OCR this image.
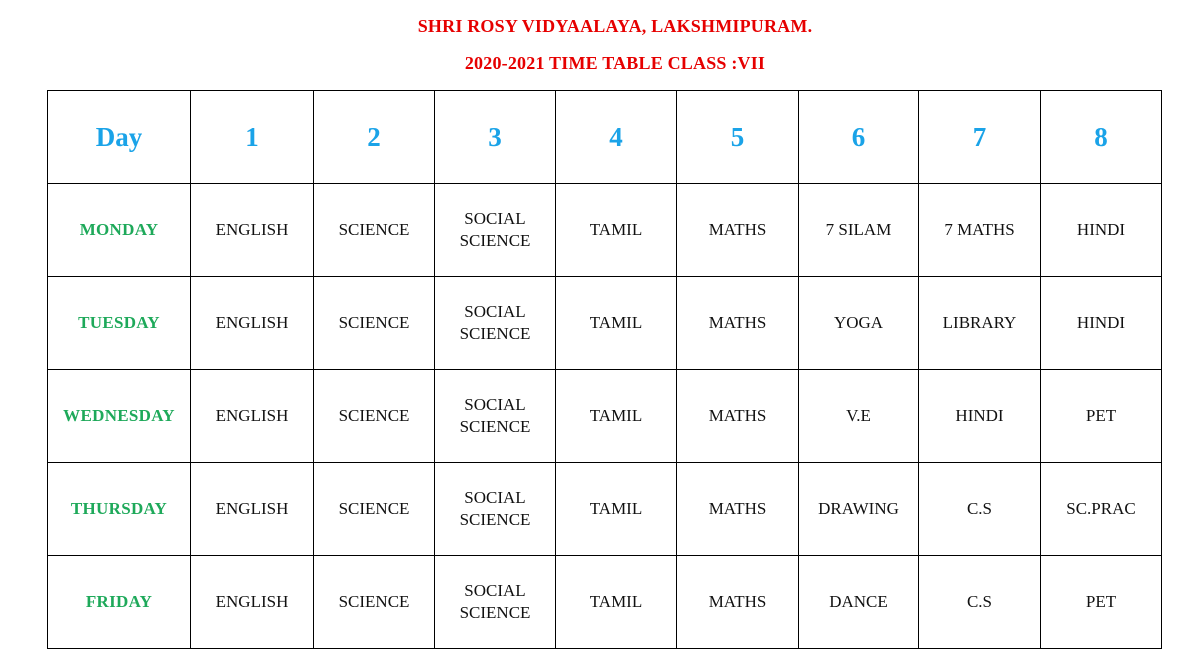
SHRI ROSY VIDYAALAYA, LAKSHMIPURAM.
2020-2021 TIME TABLE CLASS :VII
Day	1	2	3	4	5	6	7	8
MONDAY	ENGLISH	SCIENCE	SOCIAL SCIENCE	TAMIL	MATHS	7 SILAM	7 MATHS	HINDI
TUESDAY	ENGLISH	SCIENCE	SOCIAL SCIENCE	TAMIL	MATHS	YOGA	LIBRARY	HINDI
WEDNESDAY	ENGLISH	SCIENCE	SOCIAL SCIENCE	TAMIL	MATHS	V.E	HINDI	PET
THURSDAY	ENGLISH	SCIENCE	SOCIAL SCIENCE	TAMIL	MATHS	DRAWING	C.S	SC.PRAC
FRIDAY	ENGLISH	SCIENCE	SOCIAL SCIENCE	TAMIL	MATHS	DANCE	C.S	PET
